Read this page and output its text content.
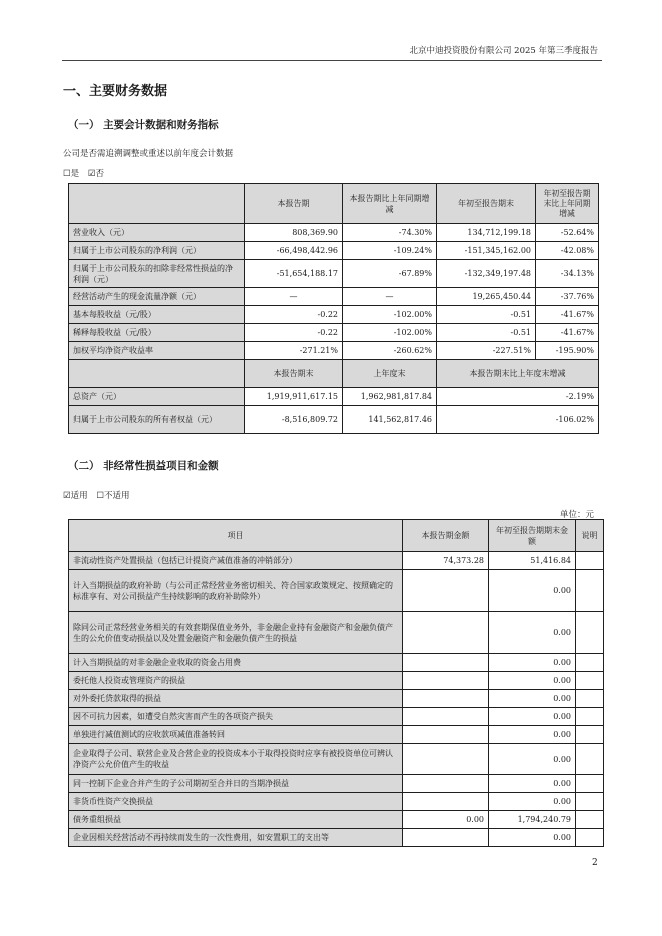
北京中迪投资股份有限公司 2025 年第三季度报告
一、主要财务数据
（一） 主要会计数据和财务指标
公司是否需追溯调整或重述以前年度会计数据
☐是 ☑否
	本报告期	本报告期比上年同期增减	年初至报告期末	年初至报告期末比上年同期增减
营业收入（元）	808,369.90	-74.30%	134,712,199.18	-52.64%
归属于上市公司股东的净利润（元）	-66,498,442.96	-109.24%	-151,345,162.00	-42.08%
归属于上市公司股东的扣除非经常性损益的净利润（元）	-51,654,188.17	-67.89%	-132,349,197.48	-34.13%
经营活动产生的现金流量净额（元）	—	—	19,265,450.44	-37.76%
基本每股收益（元/股）	-0.22	-102.00%	-0.51	-41.67%
稀释每股收益（元/股）	-0.22	-102.00%	-0.51	-41.67%
加权平均净资产收益率	-271.21%	-260.62%	-227.51%	-195.90%
	本报告期末	上年度末	本报告期末比上年度末增减	
总资产（元）	1,919,911,617.15	1,962,981,817.84	-2.19%	
归属于上市公司股东的所有者权益（元）	-8,516,809.72	141,562,817.46	-106.02%	
（二） 非经常性损益项目和金额
☑适用 ☐不适用
单位：元
项目	本报告期金额	年初至报告期期末金额	说明
非流动性资产处置损益（包括已计提资产减值准备的冲销部分）	74,373.28	51,416.84	
计入当期损益的政府补助（与公司正常经营业务密切相关、符合国家政策规定、按照确定的标准享有、对公司损益产生持续影响的政府补助除外）		0.00	
除同公司正常经营业务相关的有效套期保值业务外，非金融企业持有金融资产和金融负债产生的公允价值变动损益以及处置金融资产和金融负债产生的损益		0.00	
计入当期损益的对非金融企业收取的资金占用费		0.00	
委托他人投资或管理资产的损益		0.00	
对外委托贷款取得的损益		0.00	
因不可抗力因素，如遭受自然灾害而产生的各项资产损失		0.00	
单独进行减值测试的应收款项减值准备转回		0.00	
企业取得子公司、联营企业及合营企业的投资成本小于取得投资时应享有被投资单位可辨认净资产公允价值产生的收益		0.00	
同一控制下企业合并产生的子公司期初至合并日的当期净损益		0.00	
非货币性资产交换损益		0.00	
债务重组损益	0.00	1,794,240.79	
企业因相关经营活动不再持续而发生的一次性费用，如安置职工的支出等		0.00	
2
